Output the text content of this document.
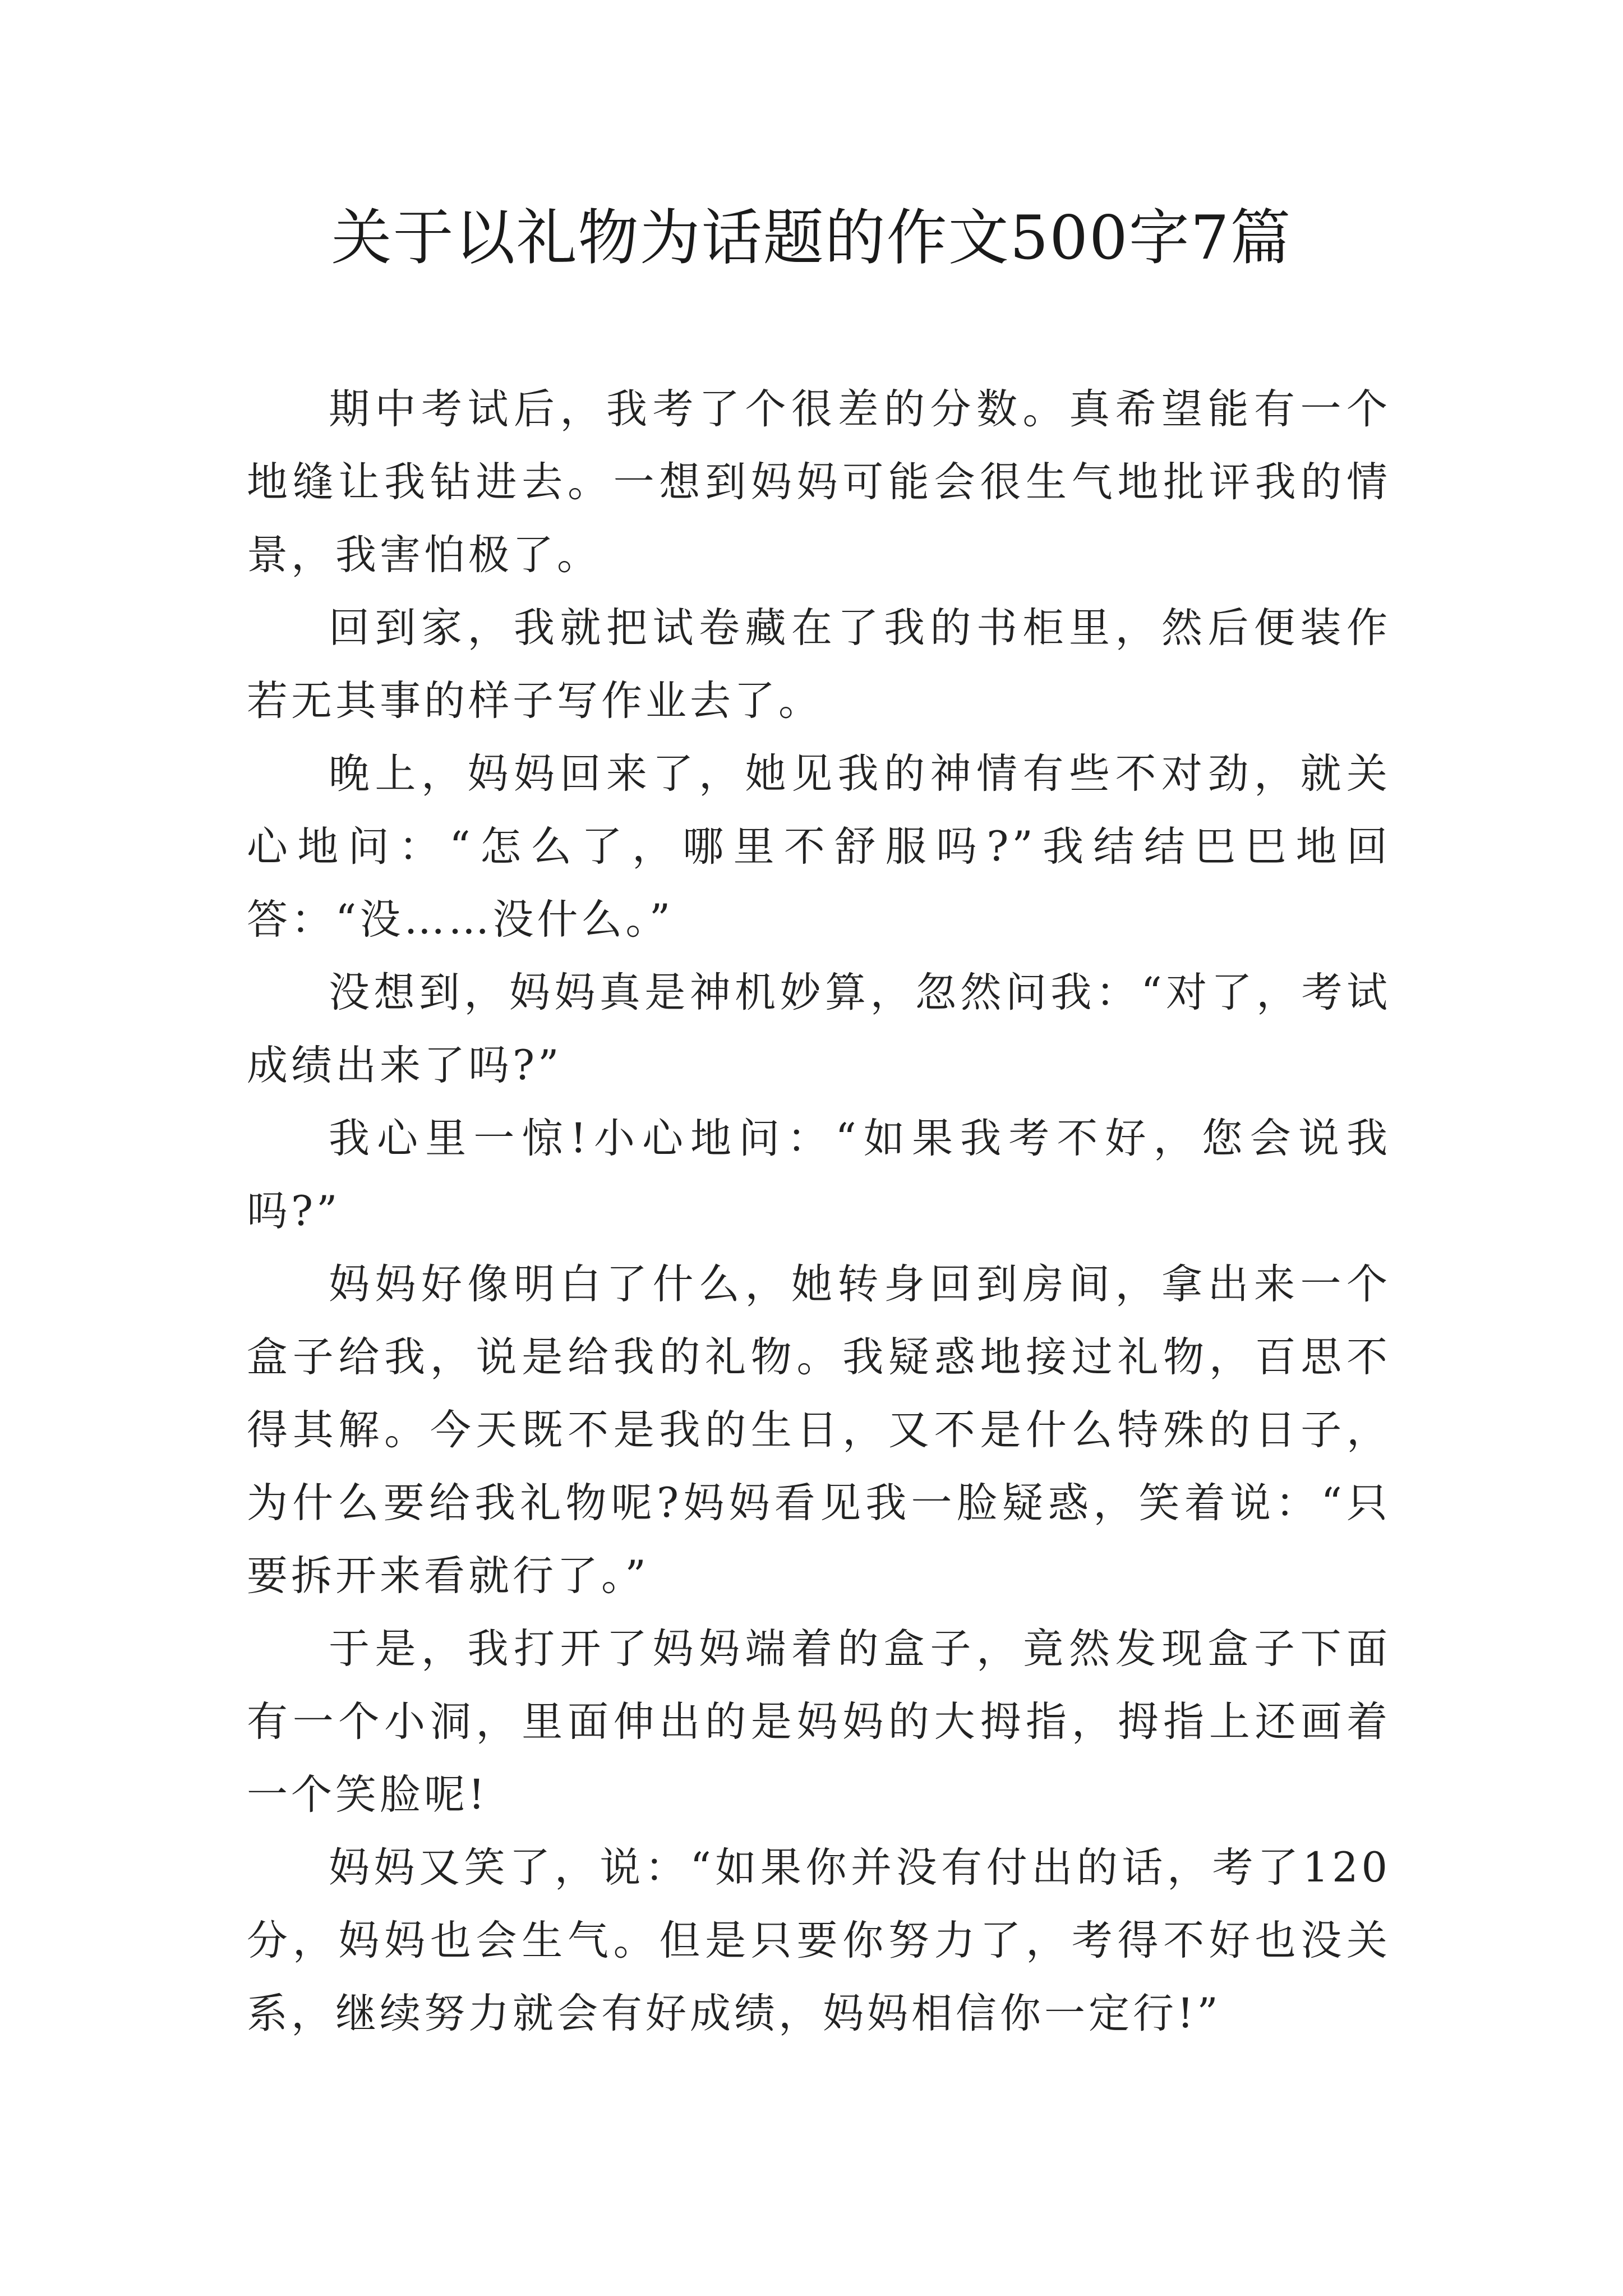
关于以礼物为话题的作文500字7篇

期中考试后，我考了个很差的分数。真希望能有一个地缝让我钻进去。一想到妈妈可能会很生气地批评我的情景，我害怕极了。

回到家，我就把试卷藏在了我的书柜里，然后便装作若无其事的样子写作业去了。

晚上，妈妈回来了，她见我的神情有些不对劲，就关心地问：“怎么了，哪里不舒服吗?”我结结巴巴地回答：“没……没什么。”

没想到，妈妈真是神机妙算，忽然问我：“对了，考试成绩出来了吗?”

我心里一惊!小心地问：“如果我考不好，您会说我吗?”

妈妈好像明白了什么，她转身回到房间，拿出来一个盒子给我，说是给我的礼物。我疑惑地接过礼物，百思不得其解。今天既不是我的生日，又不是什么特殊的日子，为什么要给我礼物呢?妈妈看见我一脸疑惑，笑着说：“只要拆开来看就行了。”

于是，我打开了妈妈端着的盒子，竟然发现盒子下面有一个小洞，里面伸出的是妈妈的大拇指，拇指上还画着一个笑脸呢!

妈妈又笑了，说：“如果你并没有付出的话，考了120分，妈妈也会生气。但是只要你努力了，考得不好也没关系，继续努力就会有好成绩，妈妈相信你一定行!”
